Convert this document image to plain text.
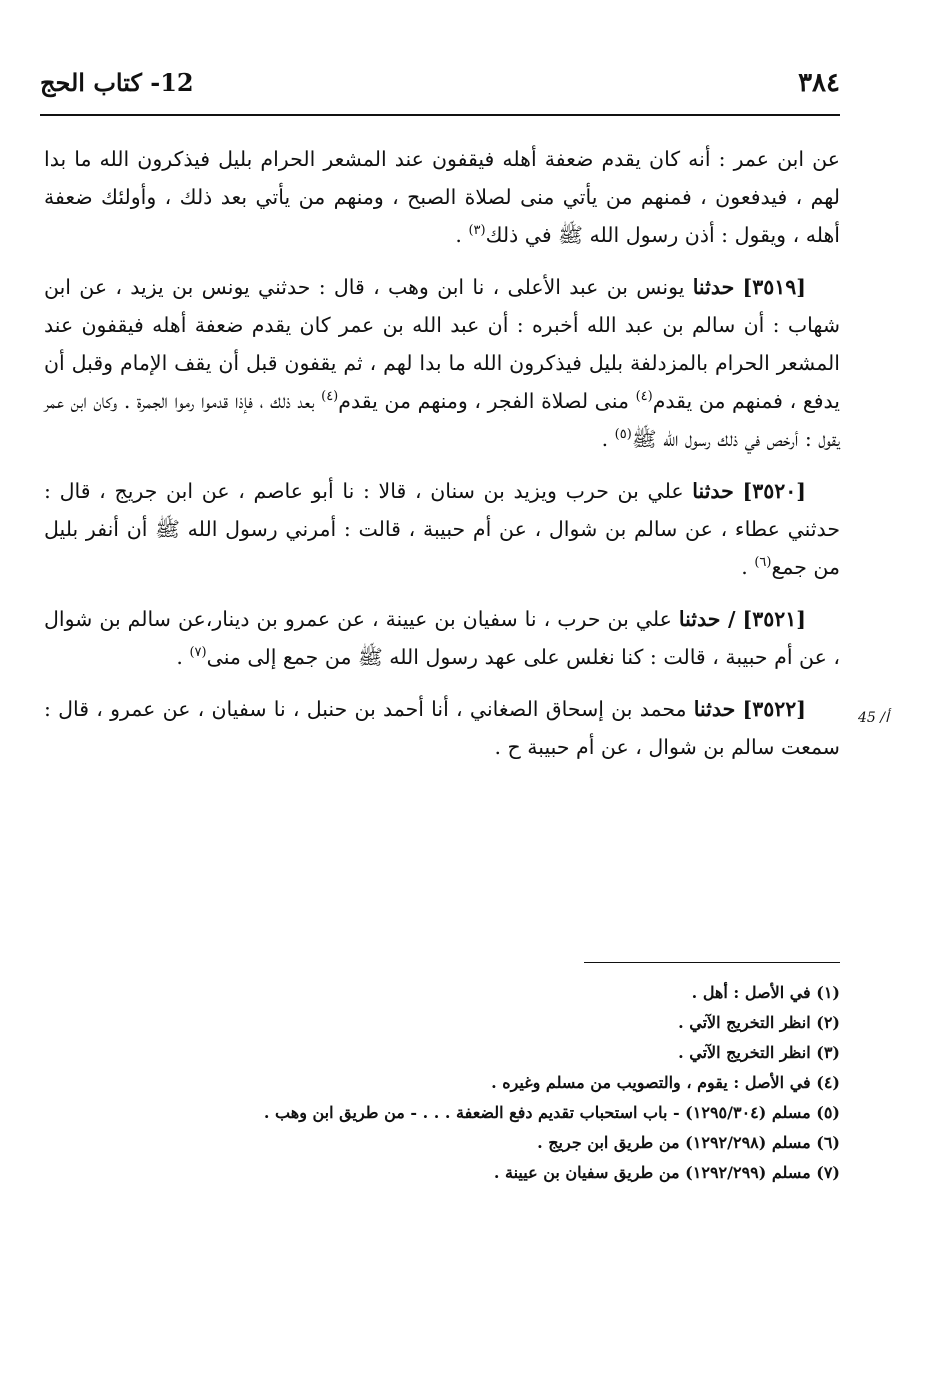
٣٨٤
12- كتاب الحج

عن ابن عمر : أنه كان يقدم ضعفة أهله فيقفون عند المشعر الحرام بليل فيذكرون الله ما بدا لهم ، فيدفعون ، فمنهم من يأتي منى لصلاة الصبح ، ومنهم من يأتي بعد ذلك ، وأولئك ضعفة أهله ، ويقول : أذن رسول الله ﷺ في ذلك$^{(٣)}$ .

[٣٥١٩] حدثنا يونس بن عبد الأعلى ، نا ابن وهب ، قال : حدثني يونس بن يزيد ، عن ابن شهاب : أن سالم بن عبد الله أخبره : أن عبد الله بن عمر كان يقدم ضعفة أهله فيقفون عند المشعر الحرام بالمزدلفة بليل فيذكرون الله ما بدا لهم ، ثم يقفون قبل أن يقف الإمام وقبل أن يدفع ، فمنهم من يقدم$^{(٤)}$ منى لصلاة الفجر ، ومنهم من يقدم$^{(٤)}$ بعد ذلك ، فإذا قدموا رموا الجمرة . وكان ابن عمر يقول : أرخص في ذلك رسول الله ﷺ$^{(٥)}$ .

[٣٥٢٠] حدثنا علي بن حرب ويزيد بن سنان ، قالا : نا أبو عاصم ، عن ابن جريج ، قال : حدثني عطاء ، عن سالم بن شوال ، عن أم حبيبة ، قالت : أمرني رسول الله ﷺ أن أنفر بليل من جمع$^{(٦)}$ .

[٣٥٢١] / حدثنا علي بن حرب ، نا سفيان بن عيينة ، عن عمرو بن دينار،عن سالم بن شوال ، عن أم حبيبة ، قالت : كنا نغلس على عهد رسول الله ﷺ من جمع إلى منى$^{(٧)}$ .

[٣٥٢٢] حدثنا محمد بن إسحاق الصغاني ، أنا أحمد بن حنبل ، نا سفيان ، عن عمرو ، قال : سمعت سالم بن شوال ، عن أم حبيبة ح .

45 /أ

(١) في الأصل : أهل .

(٢) انظر التخريج الآتي .

(٣) انظر التخريج الآتي .

(٤) في الأصل : يقوم ، والتصويب من مسلم وغيره .

(٥) مسلم (١٢٩٥/٣٠٤) - باب استحباب تقديم دفع الضعفة . . . - من طريق ابن وهب .

(٦) مسلم (١٢٩٢/٢٩٨) من طريق ابن جريج .

(٧) مسلم (١٢٩٢/٢٩٩) من طريق سفيان بن عيينة .
